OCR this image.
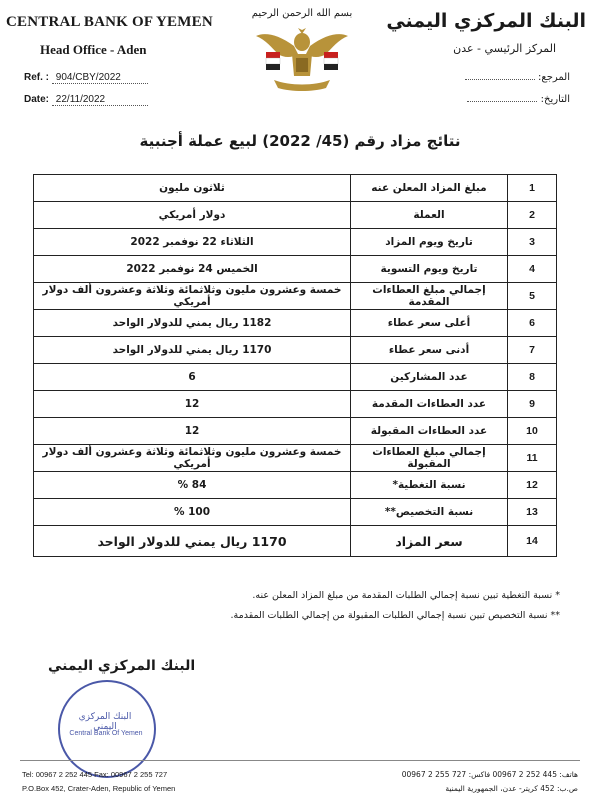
CENTRAL BANK OF YEMEN
Head Office - Aden
البنك المركزي اليمني
المركز الرئيسي - عدن
بسم الله الرحمن الرحيم
Ref. : 904/CBY/2022
Date: 22/11/2022
المرجع:
التاريخ:
نتائج مزاد رقم (45/ 2022) لبيع عملة أجنبية
1	مبلغ المزاد المعلن عنه	ثلاثون مليون
2	العملة	دولار أمريكي
3	تاريخ ويوم المزاد	الثلاثاء 22 نوفمبر 2022
4	تاريخ ويوم التسوية	الخميس 24 نوفمبر 2022
5	إجمالي مبلغ العطاءات المقدمة	خمسة وعشرون مليون وثلاثمائة وثلاثة وعشرون ألف دولار أمريكي
6	أعلى سعر عطاء	1182 ريال يمني للدولار الواحد
7	أدنى سعر عطاء	1170 ريال يمني للدولار الواحد
8	عدد المشاركين	6
9	عدد العطاءات المقدمة	12
10	عدد العطاءات المقبولة	12
11	إجمالي مبلغ العطاءات المقبولة	خمسة وعشرون مليون وثلاثمائة وثلاثة وعشرون ألف دولار أمريكي
12	نسبة التغطية*	84 %
13	نسبة التخصيص**	100 %
14	سعر المزاد	1170 ريال يمني للدولار الواحد
* نسبة التغطية تبين نسبة إجمالي الطلبات المقدمة من مبلغ المزاد المعلن عنه.
** نسبة التخصيص تبين نسبة إجمالي الطلبات المقبولة من إجمالي الطلبات المقدمة.
البنك المركزي اليمني
البنك المركزي اليمني
Central Bank Of Yemen
Tel: 00967 2 252 445 Fax: 00967 2 255 727
P.O.Box 452, Crater-Aden, Republic of Yemen
هاتف: 445 252 2 00967 فاكس: 727 255 2 00967
ص.ب: 452 كريتر- عدن، الجمهورية اليمنية
